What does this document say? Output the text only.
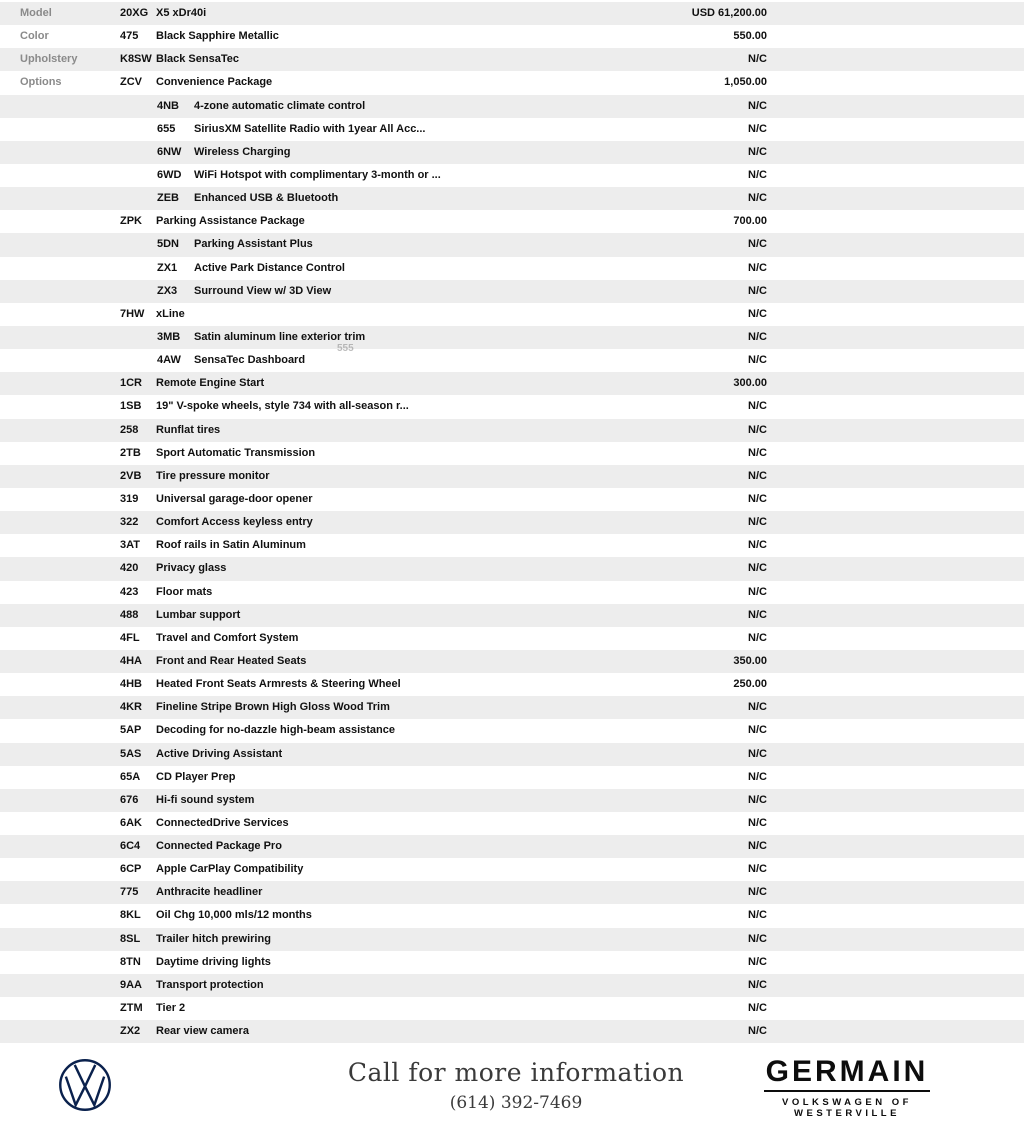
Model	20XG X5 xDr40i	USD 61,200.00
Color	475 Black Sapphire Metallic	550.00
Upholstery	K8SW Black SensaTec	N/C
Options	ZCV Convenience Package	1,050.00
4NB 4-zone automatic climate control	N/C
655 SiriusXM Satellite Radio with 1year All Acc...	N/C
6NW Wireless Charging	N/C
6WD WiFi Hotspot with complimentary 3-month or ...	N/C
ZEB Enhanced USB & Bluetooth	N/C
ZPK Parking Assistance Package	700.00
5DN Parking Assistant Plus	N/C
ZX1 Active Park Distance Control	N/C
ZX3 Surround View w/ 3D View	N/C
7HW xLine	N/C
3MB Satin aluminum line exterior trim	N/C
4AW SensaTec Dashboard	N/C
1CR Remote Engine Start	300.00
1SB 19" V-spoke wheels, style 734 with all-season r...	N/C
258 Runflat tires	N/C
2TB Sport Automatic Transmission	N/C
2VB Tire pressure monitor	N/C
319 Universal garage-door opener	N/C
322 Comfort Access keyless entry	N/C
3AT Roof rails in Satin Aluminum	N/C
420 Privacy glass	N/C
423 Floor mats	N/C
488 Lumbar support	N/C
4FL Travel and Comfort System	N/C
4HA Front and Rear Heated Seats	350.00
4HB Heated Front Seats Armrests & Steering Wheel	250.00
4KR Fineline Stripe Brown High Gloss Wood Trim	N/C
5AP Decoding for no-dazzle high-beam assistance	N/C
5AS Active Driving Assistant	N/C
65A CD Player Prep	N/C
676 Hi-fi sound system	N/C
6AK ConnectedDrive Services	N/C
6C4 Connected Package Pro	N/C
6CP Apple CarPlay Compatibility	N/C
775 Anthracite headliner	N/C
8KL Oil Chg 10,000 mls/12 months	N/C
8SL Trailer hitch prewiring	N/C
8TN Daytime driving lights	N/C
9AA Transport protection	N/C
ZTM Tier 2	N/C
ZX2 Rear view camera	N/C
555
Call for more information
(614) 392-7469
GERMAIN
VOLKSWAGEN OF WESTERVILLE
